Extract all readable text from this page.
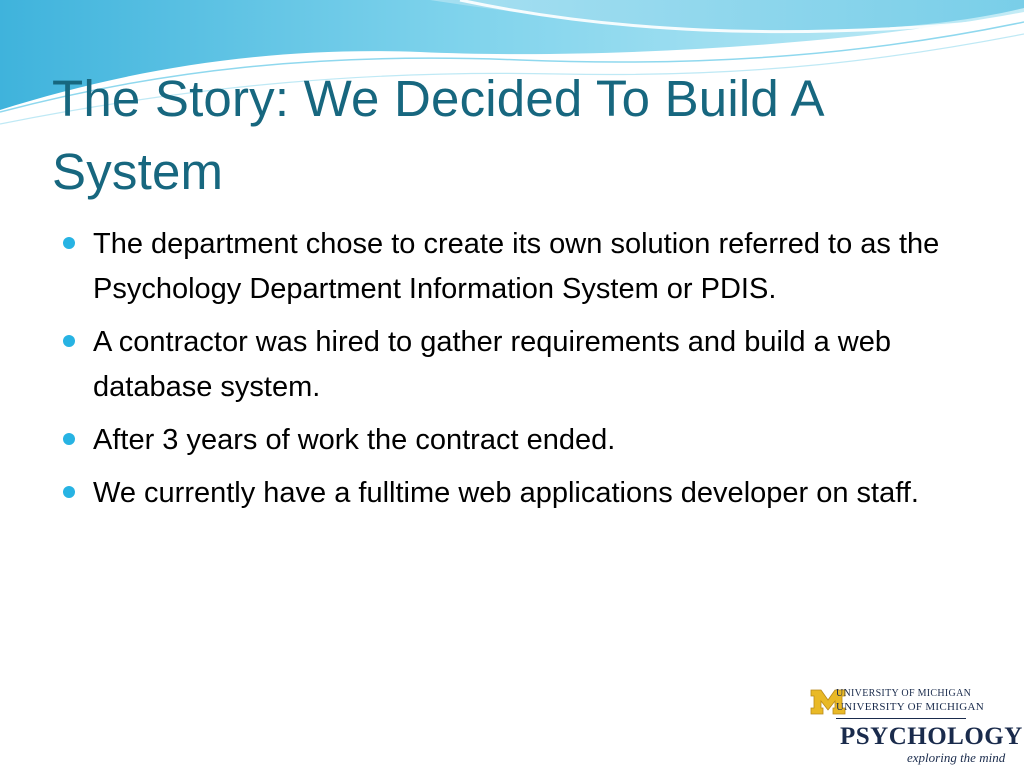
The Story: We Decided To Build A System
The department chose to create its own solution referred to as the Psychology Department Information System or PDIS.
A contractor was hired to gather requirements and build a web database system.
After 3 years of work the contract ended.
We currently have a fulltime web applications developer on staff.
UNIVERSITY OF MICHIGAN
UNIVERSITY OF MICHIGAN
PSYCHOLOGY
exploring the mind
